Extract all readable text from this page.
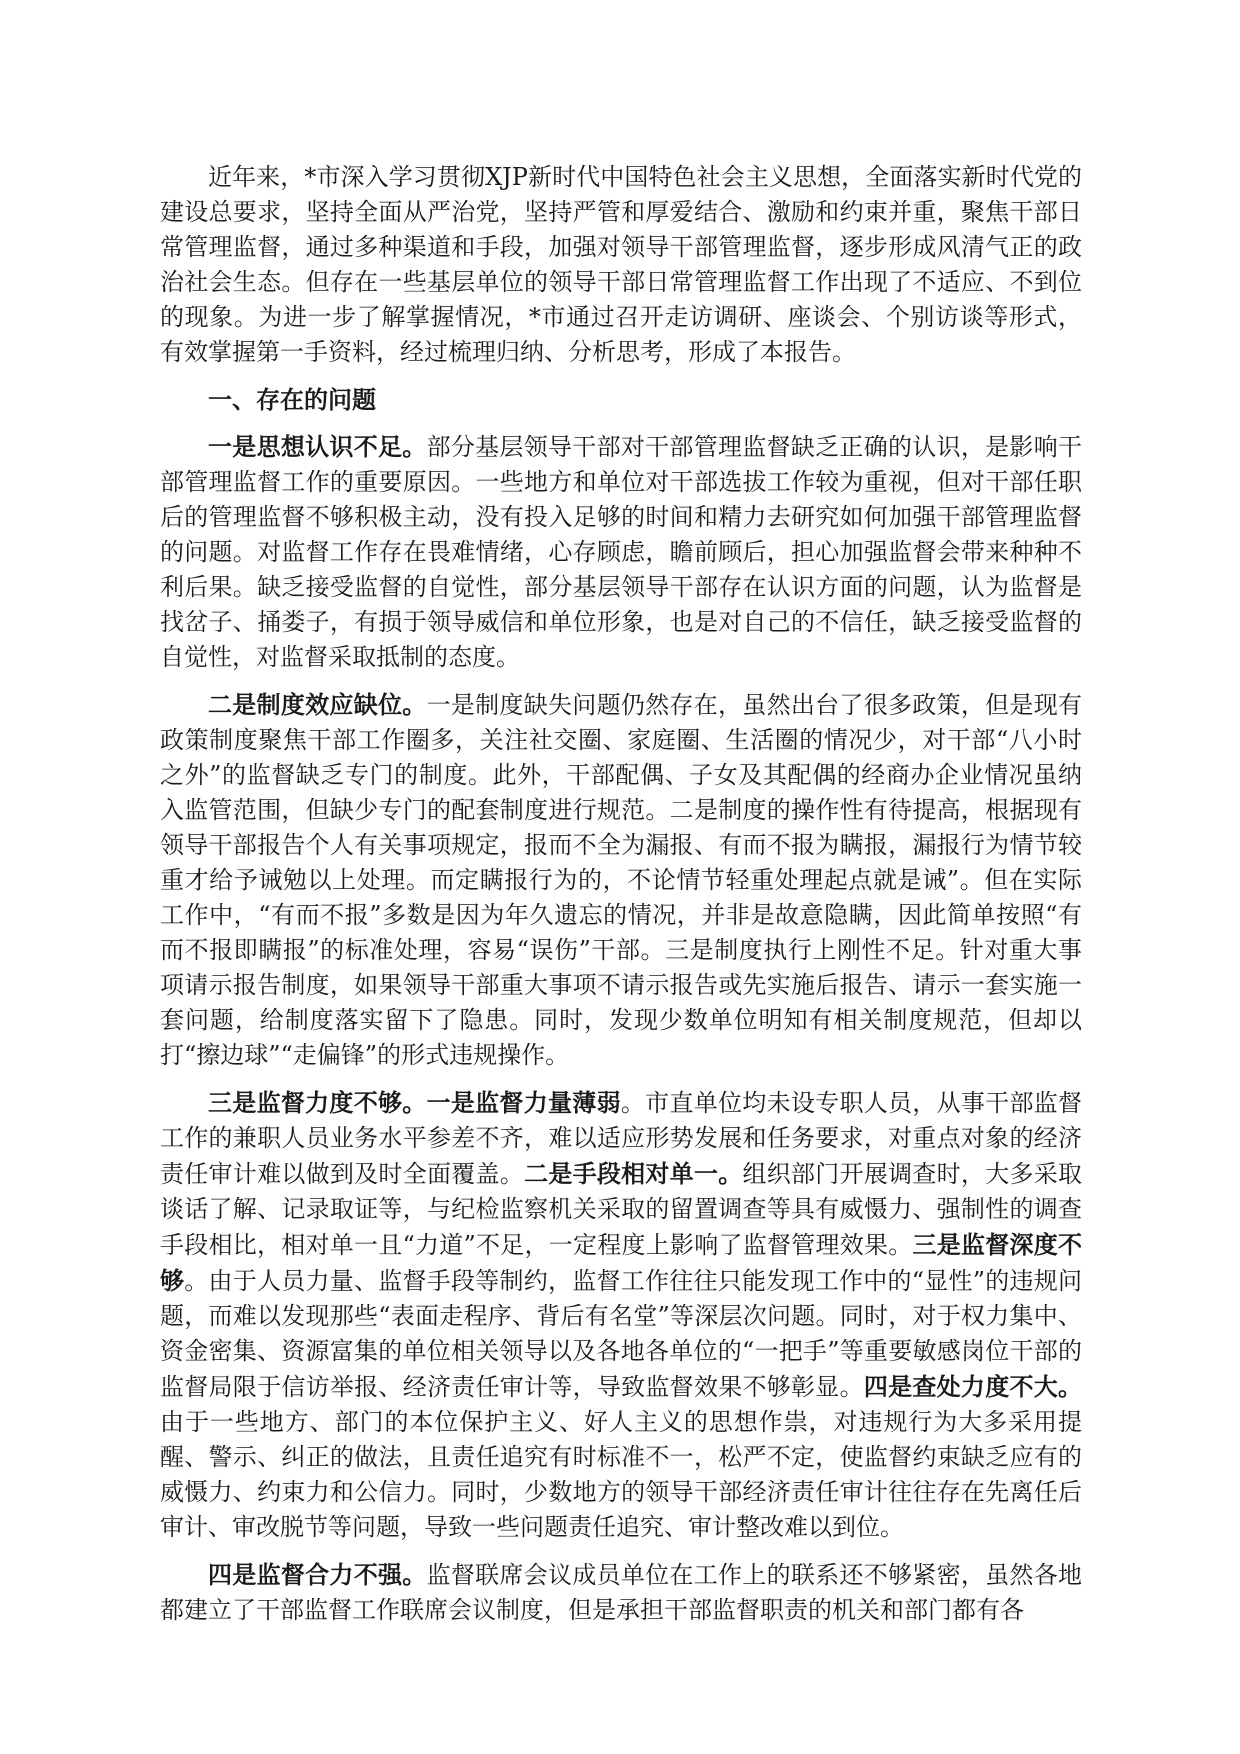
近年来，*市深入学习贯彻XJP新时代中国特色社会主义思想，全面落实新时代党的建设总要求，坚持全面从严治党，坚持严管和厚爱结合、激励和约束并重，聚焦干部日常管理监督，通过多种渠道和手段，加强对领导干部管理监督，逐步形成风清气正的政治社会生态。但存在一些基层单位的领导干部日常管理监督工作出现了不适应、不到位的现象。为进一步了解掌握情况，*市通过召开走访调研、座谈会、个别访谈等形式，有效掌握第一手资料，经过梳理归纳、分析思考，形成了本报告。

一、存在的问题

一是思想认识不足。部分基层领导干部对干部管理监督缺乏正确的认识，是影响干部管理监督工作的重要原因。一些地方和单位对干部选拔工作较为重视，但对干部任职后的管理监督不够积极主动，没有投入足够的时间和精力去研究如何加强干部管理监督的问题。对监督工作存在畏难情绪，心存顾虑，瞻前顾后，担心加强监督会带来种种不利后果。缺乏接受监督的自觉性，部分基层领导干部存在认识方面的问题，认为监督是找岔子、捅娄子，有损于领导威信和单位形象，也是对自己的不信任，缺乏接受监督的自觉性，对监督采取抵制的态度。

二是制度效应缺位。一是制度缺失问题仍然存在，虽然出台了很多政策，但是现有政策制度聚焦干部工作圈多，关注社交圈、家庭圈、生活圈的情况少，对干部“八小时之外”的监督缺乏专门的制度。此外，干部配偶、子女及其配偶的经商办企业情况虽纳入监管范围，但缺少专门的配套制度进行规范。二是制度的操作性有待提高，根据现有领导干部报告个人有关事项规定，报而不全为漏报、有而不报为瞒报，漏报行为情节较重才给予诫勉以上处理。而定瞒报行为的，不论情节轻重处理起点就是诫”。但在实际工作中，“有而不报”多数是因为年久遗忘的情况，并非是故意隐瞒，因此简单按照“有而不报即瞒报”的标准处理，容易“误伤”干部。三是制度执行上刚性不足。针对重大事项请示报告制度，如果领导干部重大事项不请示报告或先实施后报告、请示一套实施一套问题，给制度落实留下了隐患。同时，发现少数单位明知有相关制度规范，但却以打“擦边球”“走偏锋”的形式违规操作。

三是监督力度不够。一是监督力量薄弱。市直单位均未设专职人员，从事干部监督工作的兼职人员业务水平参差不齐，难以适应形势发展和任务要求，对重点对象的经济责任审计难以做到及时全面覆盖。二是手段相对单一。组织部门开展调查时，大多采取谈话了解、记录取证等，与纪检监察机关采取的留置调查等具有威慑力、强制性的调查手段相比，相对单一且“力道”不足，一定程度上影响了监督管理效果。三是监督深度不够。由于人员力量、监督手段等制约，监督工作往往只能发现工作中的“显性”的违规问题，而难以发现那些“表面走程序、背后有名堂”等深层次问题。同时，对于权力集中、资金密集、资源富集的单位相关领导以及各地各单位的“一把手”等重要敏感岗位干部的监督局限于信访举报、经济责任审计等，导致监督效果不够彰显。四是查处力度不大。由于一些地方、部门的本位保护主义、好人主义的思想作祟，对违规行为大多采用提醒、警示、纠正的做法，且责任追究有时标准不一，松严不定，使监督约束缺乏应有的威慑力、约束力和公信力。同时，少数地方的领导干部经济责任审计往往存在先离任后审计、审改脱节等问题，导致一些问题责任追究、审计整改难以到位。

四是监督合力不强。监督联席会议成员单位在工作上的联系还不够紧密，虽然各地都建立了干部监督工作联席会议制度，但是承担干部监督职责的机关和部门都有各
